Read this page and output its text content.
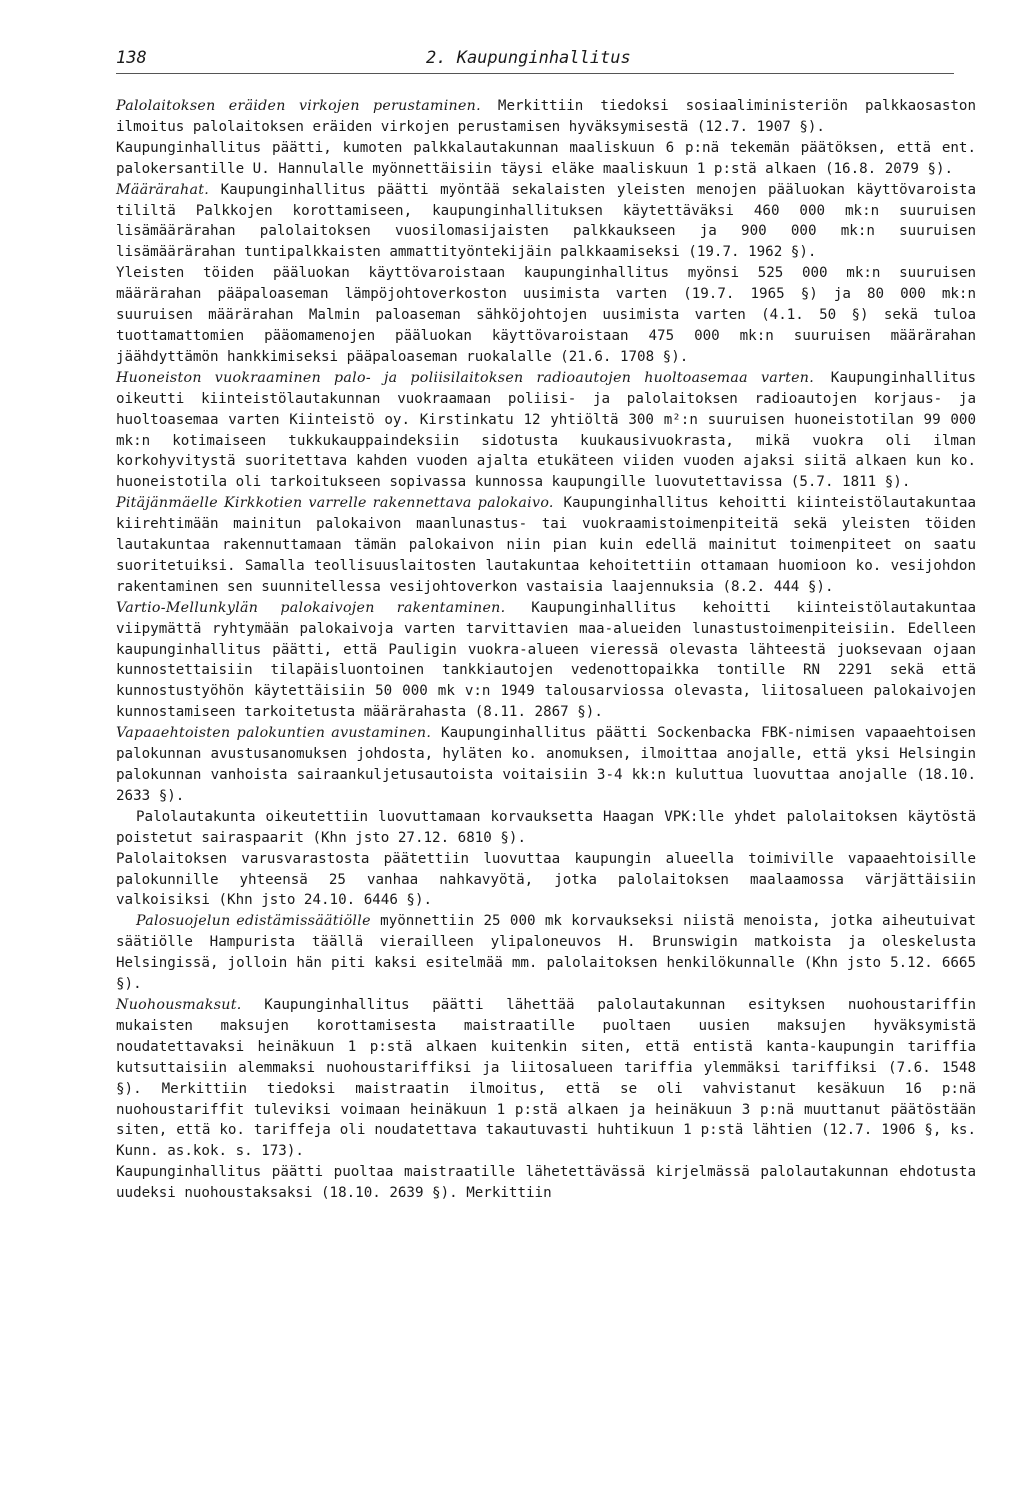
138	2. Kaupunginhallitus

Palolaitoksen eräiden virkojen perustaminen. Merkittiin tiedoksi sosiaaliministeriön palkkaosaston ilmoitus palolaitoksen eräiden virkojen perustamisen hyväksymisestä (12.7. 1907 §).

Kaupunginhallitus päätti, kumoten palkkalautakunnan maaliskuun 6 p:nä tekemän päätöksen, että ent. palokersantille U. Hannulalle myönnettäisiin täysi eläke maaliskuun 1 p:stä alkaen (16.8. 2079 §).

Määrärahat. Kaupunginhallitus päätti myöntää sekalaisten yleisten menojen pääluokan käyttövaroista tililtä Palkkojen korottamiseen, kaupunginhallituksen käytettäväksi 460 000 mk:n suuruisen lisämäärärahan palolaitoksen vuosilomasijaisten palkkaukseen ja 900 000 mk:n suuruisen lisämäärärahan tuntipalkkaisten ammattityöntekijäin palkkaamiseksi (19.7. 1962 §).

Yleisten töiden pääluokan käyttövaroistaan kaupunginhallitus myönsi 525 000 mk:n suuruisen määrärahan pääpaloaseman lämpöjohtoverkoston uusimista varten (19.7. 1965 §) ja 80 000 mk:n suuruisen määrärahan Malmin paloaseman sähköjohtojen uusimista varten (4.1. 50 §) sekä tuloa tuottamattomien pääomamenojen pääluokan käyttövaroistaan 475 000 mk:n suuruisen määrärahan jäähdyttämön hankkimiseksi pääpaloaseman ruokalalle (21.6. 1708 §).

Huoneiston vuokraaminen palo- ja poliisilaitoksen radioautojen huoltoasemaa varten. Kaupunginhallitus oikeutti kiinteistölautakunnan vuokraamaan poliisi- ja palolaitoksen radioautojen korjaus- ja huoltoasemaa varten Kiinteistö oy. Kirstinkatu 12 yhtiöltä 300 m²:n suuruisen huoneistotilan 99 000 mk:n kotimaiseen tukkukauppaindeksiin sidotusta kuukausivuokrasta, mikä vuokra oli ilman korkohyvitystä suoritettava kahden vuoden ajalta etukäteen viiden vuoden ajaksi siitä alkaen kun ko. huoneistotila oli tarkoitukseen sopivassa kunnossa kaupungille luovutettavissa (5.7. 1811 §).

Pitäjänmäelle Kirkkotien varrelle rakennettava palokaivo. Kaupunginhallitus kehoitti kiinteistölautakuntaa kiirehtimään mainitun palokaivon maanlunastus- tai vuokraamistoimenpiteitä sekä yleisten töiden lautakuntaa rakennuttamaan tämän palokaivon niin pian kuin edellä mainitut toimenpiteet on saatu suoritetuiksi. Samalla teollisuuslaitosten lautakuntaa kehoitettiin ottamaan huomioon ko. vesijohdon rakentaminen sen suunnitellessa vesijohtoverkon vastaisia laajennuksia (8.2. 444 §).

Vartio-Mellunkylän palokaivojen rakentaminen. Kaupunginhallitus kehoitti kiinteistölautakuntaa viipymättä ryhtymään palokaivoja varten tarvittavien maa-alueiden lunastustoimenpiteisiin. Edelleen kaupunginhallitus päätti, että Pauligin vuokra-alueen vieressä olevasta lähteestä juoksevaan ojaan kunnostettaisiin tilapäisluontoinen tankkiautojen vedenottopaikka tontille RN 2291 sekä että kunnostustyöhön käytettäisiin 50 000 mk v:n 1949 talousarviossa olevasta, liitosalueen palokaivojen kunnostamiseen tarkoitetusta määrärahasta (8.11. 2867 §).

Vapaaehtoisten palokuntien avustaminen. Kaupunginhallitus päätti Sockenbacka FBK-nimisen vapaaehtoisen palokunnan avustusanomuksen johdosta, hyläten ko. anomuksen, ilmoittaa anojalle, että yksi Helsingin palokunnan vanhoista sairaankuljetusautoista voitaisiin 3-4 kk:n kuluttua luovuttaa anojalle (18.10. 2633 §).

Palolautakunta oikeutettiin luovuttamaan korvauksetta Haagan VPK:lle yhdet palolaitoksen käytöstä poistetut sairaspaarit (Khn jsto 27.12. 6810 §).

Palolaitoksen varusvarastosta päätettiin luovuttaa kaupungin alueella toimiville vapaaehtoisille palokunnille yhteensä 25 vanhaa nahkavyötä, jotka palolaitoksen maalaamossa värjättäisiin valkoisiksi (Khn jsto 24.10. 6446 §).

Palosuojelun edistämissäätiölle myönnettiin 25 000 mk korvaukseksi niistä menoista, jotka aiheutuivat säätiölle Hampurista täällä vierailleen ylipaloneuvos H. Brunswigin matkoista ja oleskelusta Helsingissä, jolloin hän piti kaksi esitelmää mm. palolaitoksen henkilökunnalle (Khn jsto 5.12. 6665 §).

Nuohousmaksut. Kaupunginhallitus päätti lähettää palolautakunnan esityksen nuohoustariffin mukaisten maksujen korottamisesta maistraatille puoltaen uusien maksujen hyväksymistä noudatettavaksi heinäkuun 1 p:stä alkaen kuitenkin siten, että entistä kanta-kaupungin tariffia kutsuttaisiin alemmaksi nuohoustariffiksi ja liitosalueen tariffia ylemmäksi tariffiksi (7.6. 1548 §). Merkittiin tiedoksi maistraatin ilmoitus, että se oli vahvistanut kesäkuun 16 p:nä nuohoustariffit tuleviksi voimaan heinäkuun 1 p:stä alkaen ja heinäkuun 3 p:nä muuttanut päätöstään siten, että ko. tariffeja oli noudatettava takautuvasti huhtikuun 1 p:stä lähtien (12.7. 1906 §, ks. Kunn. as.kok. s. 173).

Kaupunginhallitus päätti puoltaa maistraatille lähetettävässä kirjelmässä palolautakunnan ehdotusta uudeksi nuohoustaksaksi (18.10. 2639 §). Merkittiin
